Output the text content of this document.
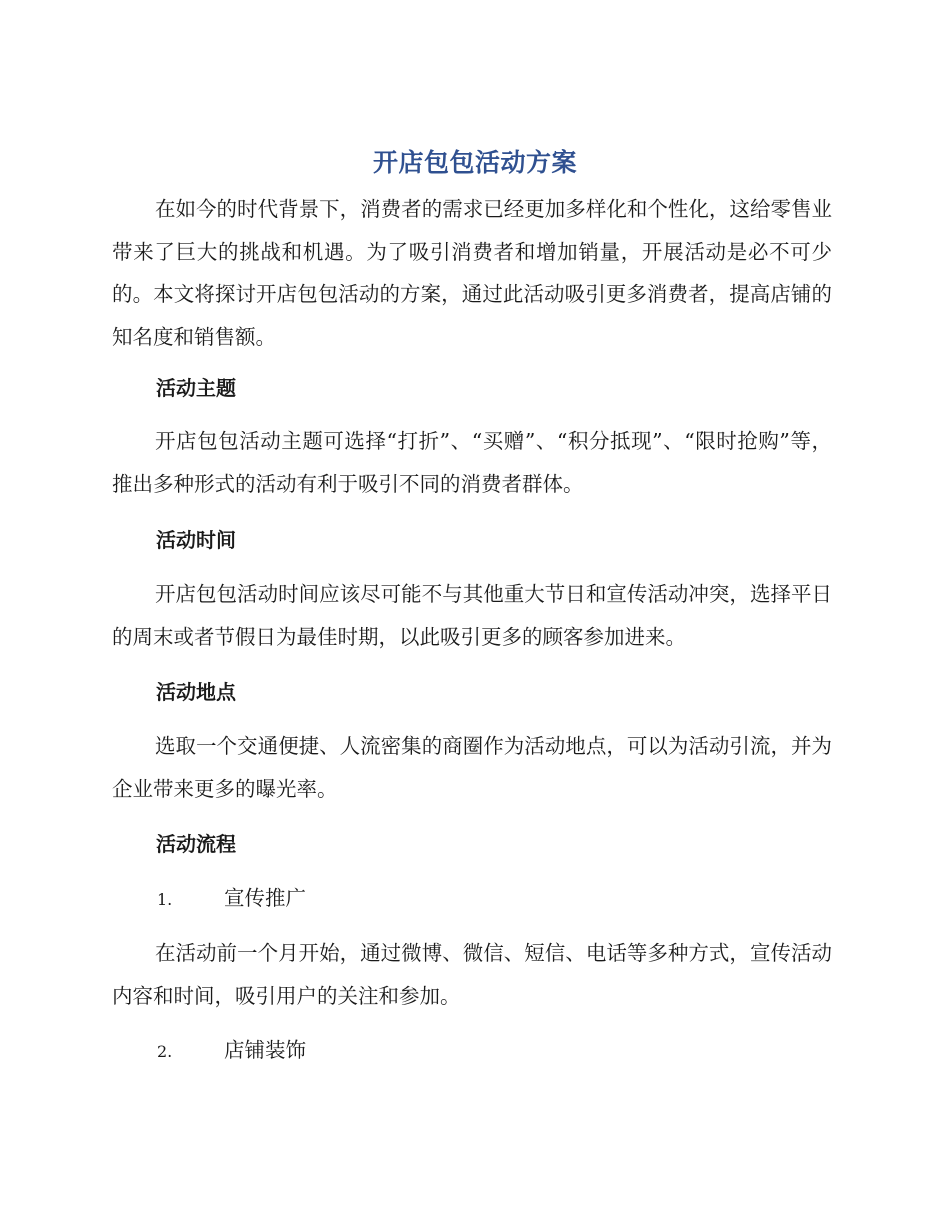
开店包包活动方案

在如今的时代背景下，消费者的需求已经更加多样化和个性化，这给零售业带来了巨大的挑战和机遇。为了吸引消费者和增加销量，开展活动是必不可少的。本文将探讨开店包包活动的方案，通过此活动吸引更多消费者，提高店铺的知名度和销售额。

活动主题

开店包包活动主题可选择“打折”、“买赠”、“积分抵现”、“限时抢购”等，推出多种形式的活动有利于吸引不同的消费者群体。

活动时间

开店包包活动时间应该尽可能不与其他重大节日和宣传活动冲突，选择平日的周末或者节假日为最佳时期，以此吸引更多的顾客参加进来。

活动地点

选取一个交通便捷、人流密集的商圈作为活动地点，可以为活动引流，并为企业带来更多的曝光率。

活动流程
1.	宣传推广

在活动前一个月开始，通过微博、微信、短信、电话等多种方式，宣传活动内容和时间，吸引用户的关注和参加。

2.	店铺装饰
